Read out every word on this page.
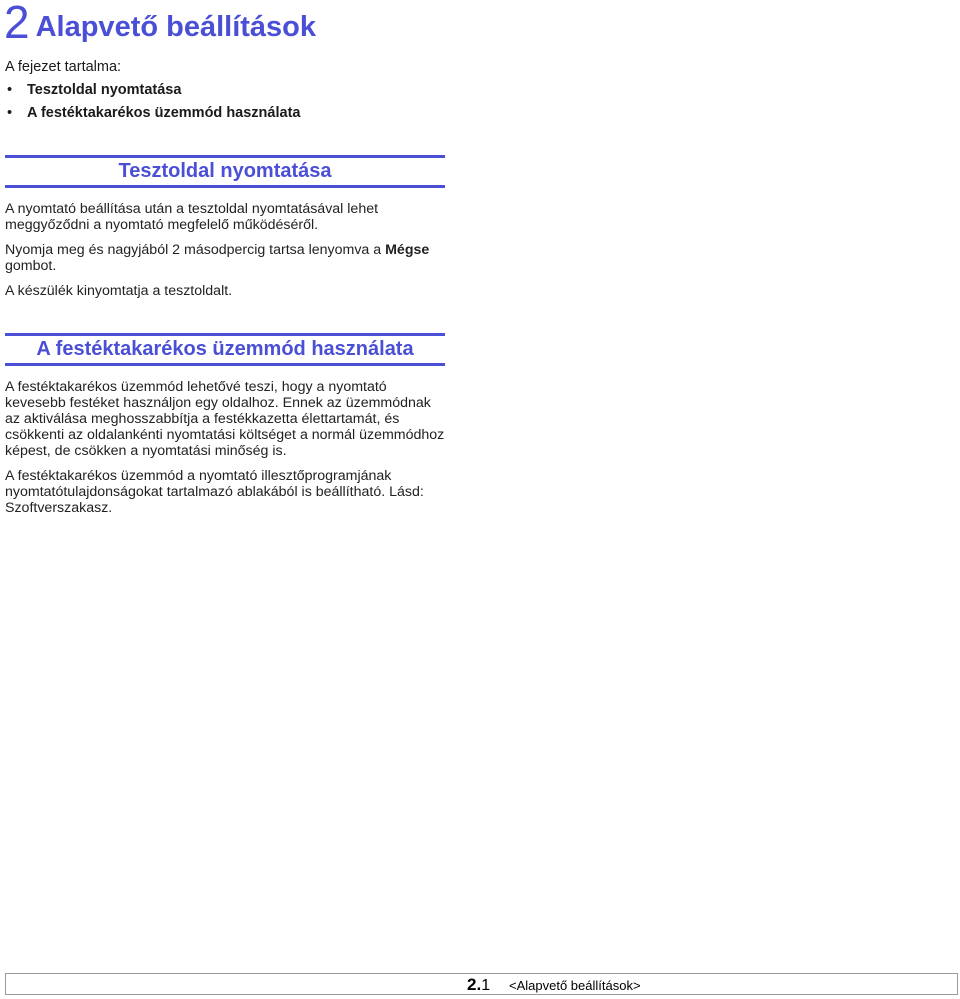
2 Alapvető beállítások

A fejezet tartalma:

• Tesztoldal nyomtatása
• A festéktakarékos üzemmód használata
Tesztoldal nyomtatása

A nyomtató beállítása után a tesztoldal nyomtatásával lehet meggyőződni a nyomtató megfelelő működéséről.

Nyomja meg és nagyjából 2 másodpercig tartsa lenyomva a Mégse gombot.

A készülék kinyomtatja a tesztoldalt.

A festéktakarékos üzemmód használata

A festéktakarékos üzemmód lehetővé teszi, hogy a nyomtató kevesebb festéket használjon egy oldalhoz. Ennek az üzemmódnak az aktiválása meghosszabbítja a festékkazetta élettartamát, és csökkenti az oldalankénti nyomtatási költséget a normál üzemmódhoz képest, de csökken a nyomtatási minőség is.

A festéktakarékos üzemmód a nyomtató illesztőprogramjának nyomtatótulajdonságokat tartalmazó ablakából is beállítható. Lásd: Szoftverszakasz.

2.1 <Alapvető beállítások>
